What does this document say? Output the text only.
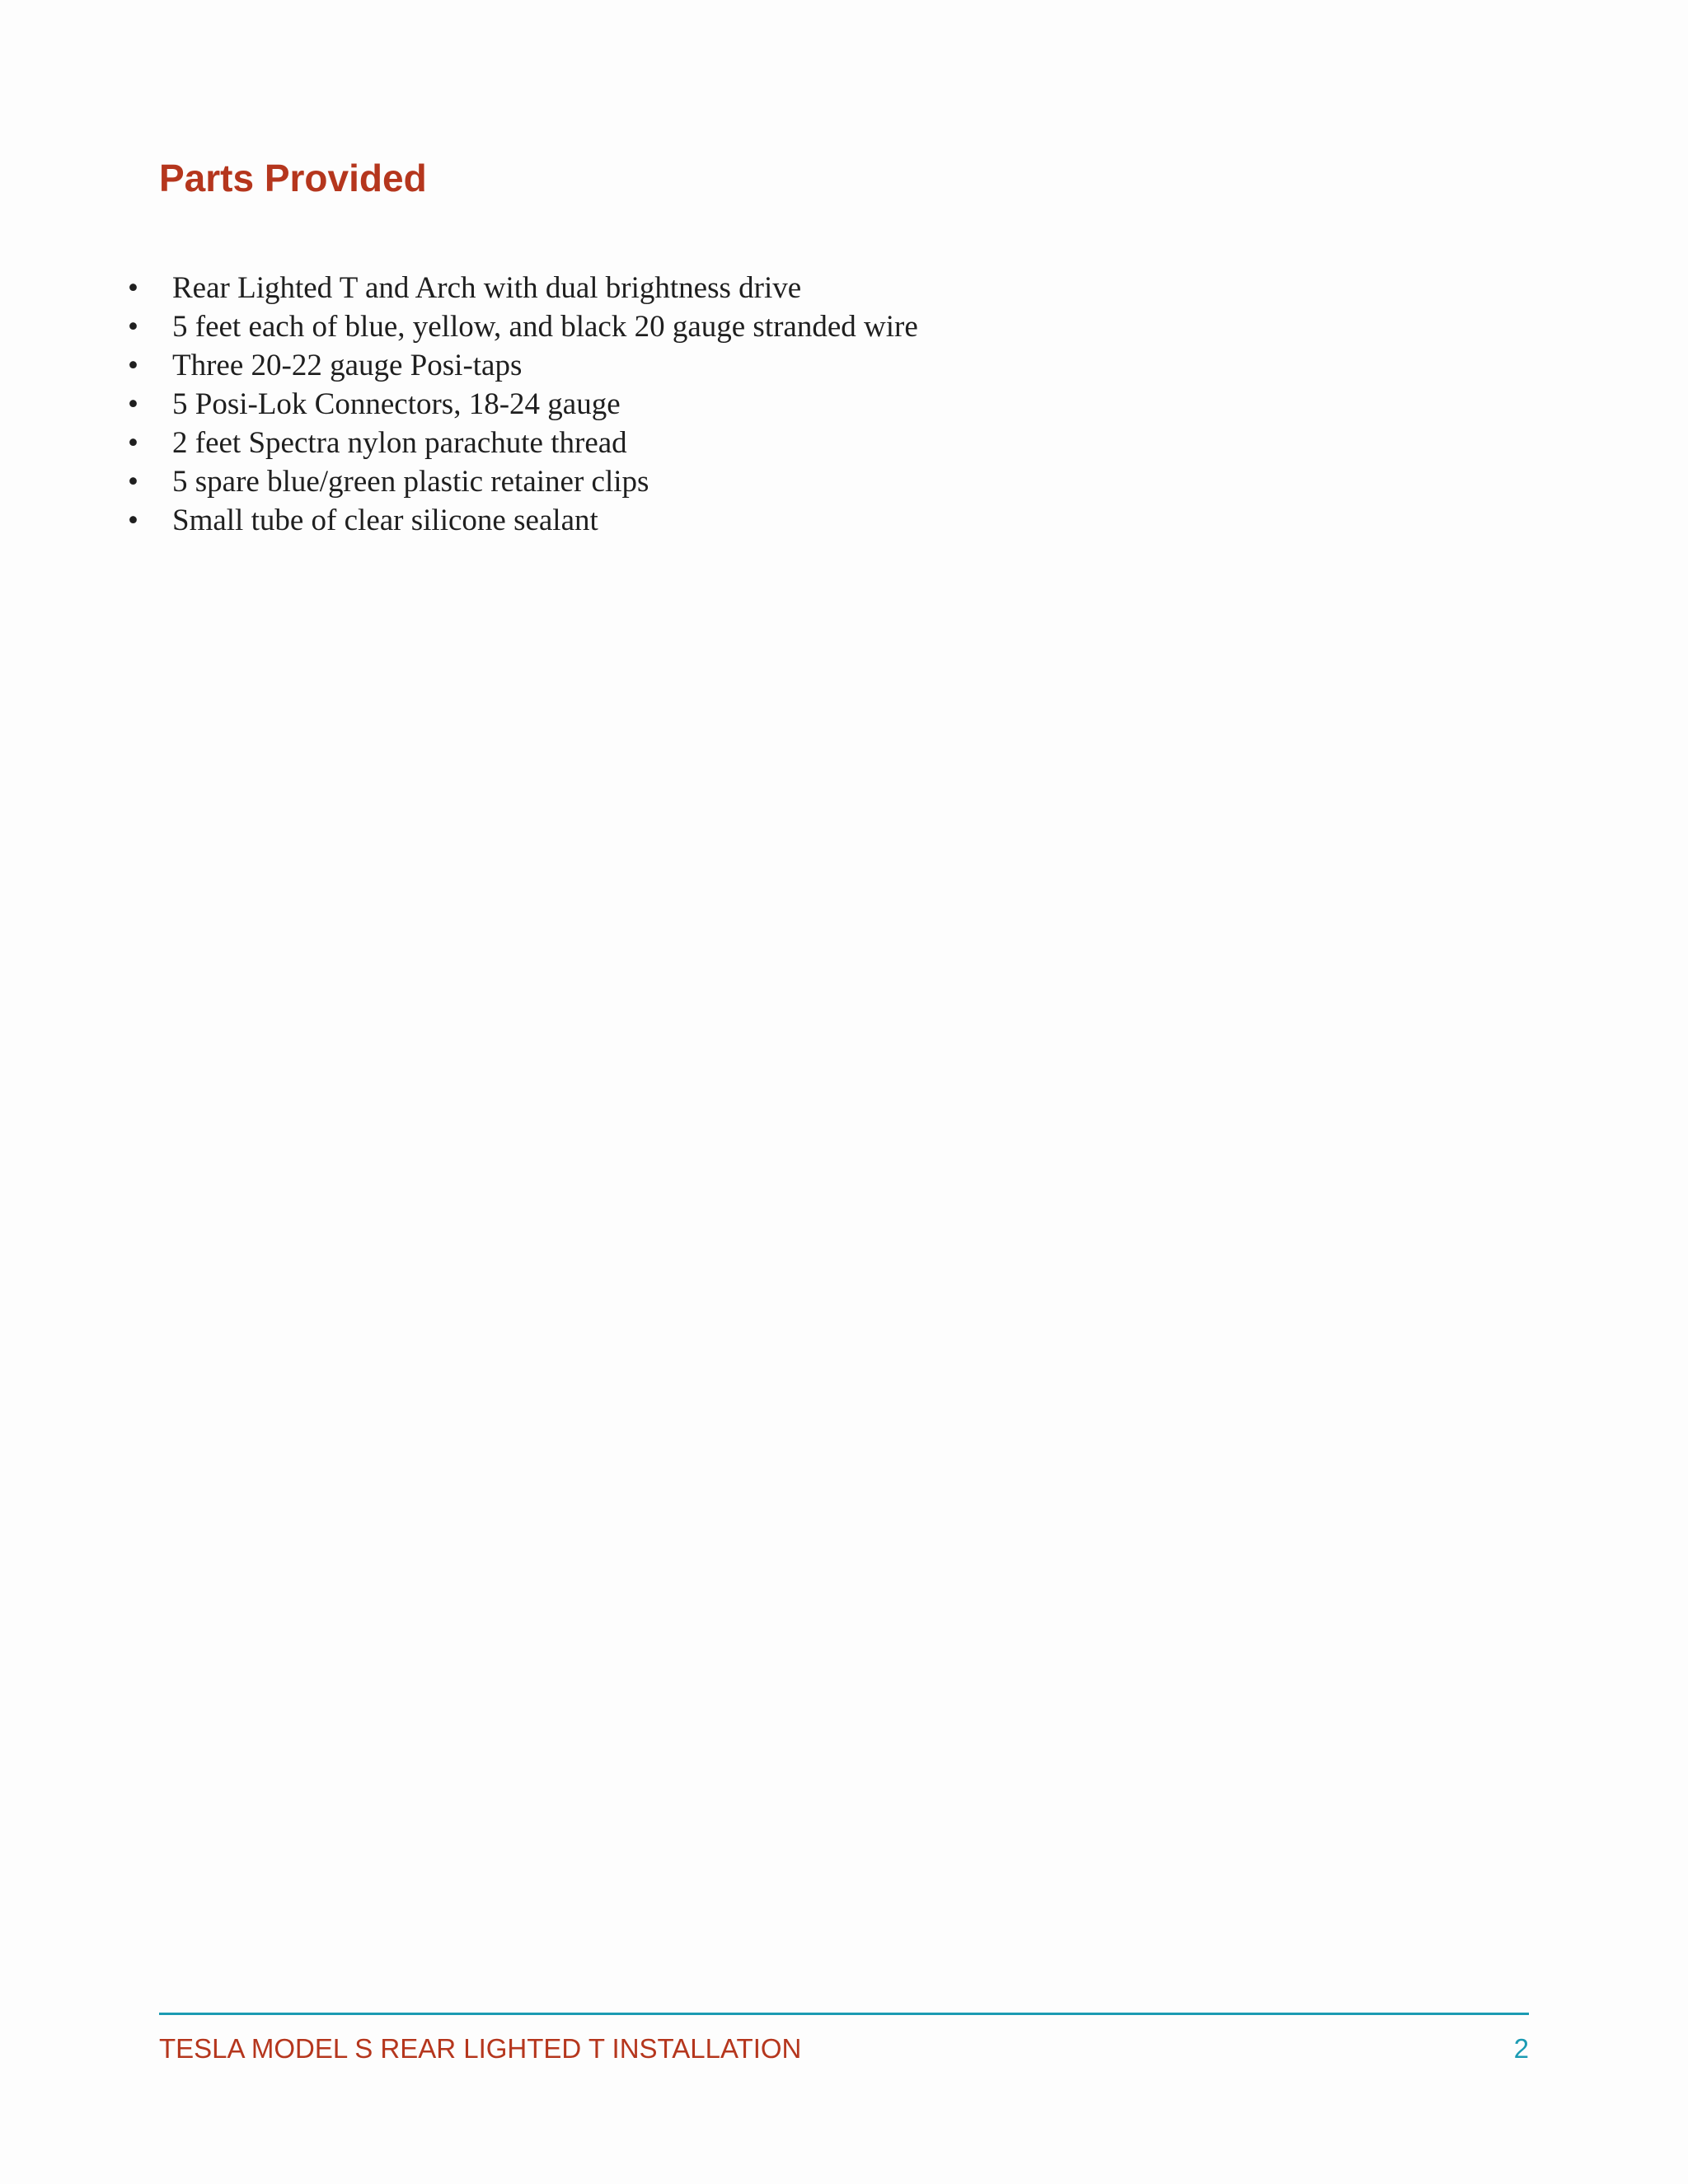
Parts Provided
• Rear Lighted T and Arch with dual brightness drive
• 5 feet each of blue, yellow, and black 20 gauge stranded wire
• Three 20-22 gauge Posi-taps
• 5 Posi-Lok Connectors, 18-24 gauge
• 2 feet Spectra nylon parachute thread
• 5 spare blue/green plastic retainer clips
• Small tube of clear silicone sealant
TESLA MODEL S REAR LIGHTED T INSTALLATION	2
